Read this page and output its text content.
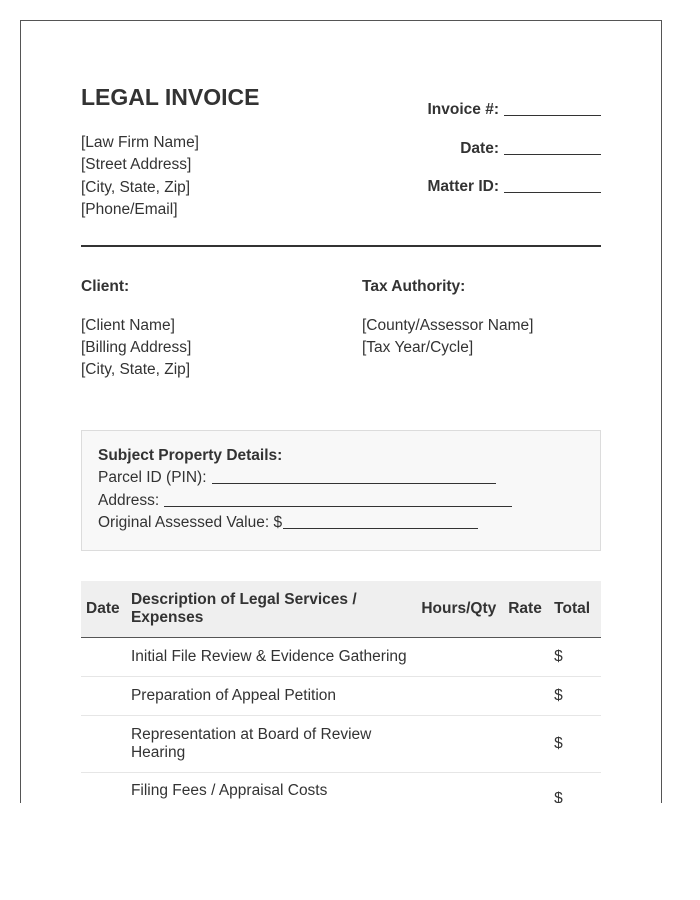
LEGAL INVOICE
[Law Firm Name]
[Street Address]
[City, State, Zip]
[Phone/Email]
Invoice #:
Date:
Matter ID:
Client:
[Client Name]
[Billing Address]
[City, State, Zip]
Tax Authority:
[County/Assessor Name]
[Tax Year/Cycle]
Subject Property Details:
Parcel ID (PIN):
Address:
Original Assessed Value: $
Date	Description of Legal Services / Expenses	Hours/Qty	Rate	Total
	Initial File Review & Evidence Gathering			$
	Preparation of Appeal Petition			$
	Representation at Board of Review Hearing			$
	Filing Fees / Appraisal Costs			$
